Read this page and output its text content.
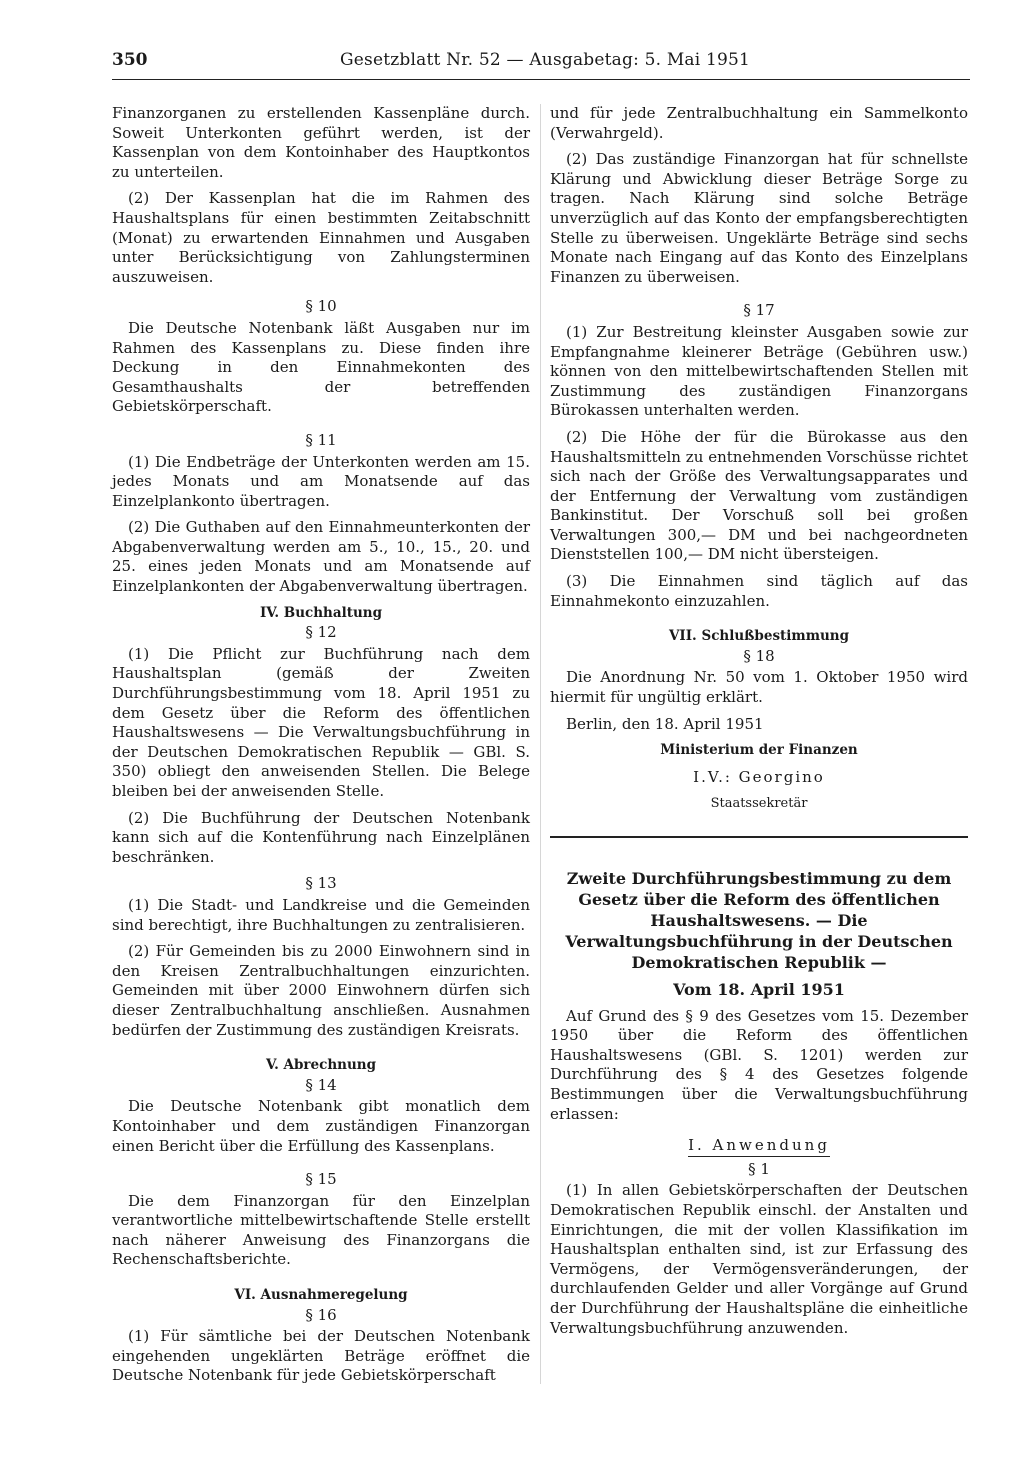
350	Gesetzblatt Nr. 52 — Ausgabetag: 5. Mai 1951

Finanzorganen zu erstellenden Kassenpläne durch. Soweit Unterkonten geführt werden, ist der Kassenplan von dem Kontoinhaber des Hauptkontos zu unterteilen.

(2) Der Kassenplan hat die im Rahmen des Haushaltsplans für einen bestimmten Zeitabschnitt (Monat) zu erwartenden Einnahmen und Ausgaben unter Berücksichtigung von Zahlungsterminen auszuweisen.

§ 10

Die Deutsche Notenbank läßt Ausgaben nur im Rahmen des Kassenplans zu. Diese finden ihre Deckung in den Einnahmekonten des Gesamthaushalts der betreffenden Gebietskörperschaft.

§ 11

(1) Die Endbeträge der Unterkonten werden am 15. jedes Monats und am Monatsende auf das Einzelplankonto übertragen.

(2) Die Guthaben auf den Einnahmeunterkonten der Abgabenverwaltung werden am 5., 10., 15., 20. und 25. eines jeden Monats und am Monatsende auf Einzelplankonten der Abgabenverwaltung übertragen.

IV. Buchhaltung
§ 12

(1) Die Pflicht zur Buchführung nach dem Haushaltsplan (gemäß der Zweiten Durchführungsbestimmung vom 18. April 1951 zu dem Gesetz über die Reform des öffentlichen Haushaltswesens — Die Verwaltungsbuchführung in der Deutschen Demokratischen Republik — GBl. S. 350) obliegt den anweisenden Stellen. Die Belege bleiben bei der anweisenden Stelle.

(2) Die Buchführung der Deutschen Notenbank kann sich auf die Kontenführung nach Einzelplänen beschränken.

§ 13

(1) Die Stadt- und Landkreise und die Gemeinden sind berechtigt, ihre Buchhaltungen zu zentralisieren.

(2) Für Gemeinden bis zu 2000 Einwohnern sind in den Kreisen Zentralbuchhaltungen einzurichten. Gemeinden mit über 2000 Einwohnern dürfen sich dieser Zentralbuchhaltung anschließen. Ausnahmen bedürfen der Zustimmung des zuständigen Kreisrats.

V. Abrechnung
§ 14

Die Deutsche Notenbank gibt monatlich dem Kontoinhaber und dem zuständigen Finanzorgan einen Bericht über die Erfüllung des Kassenplans.

§ 15

Die dem Finanzorgan für den Einzelplan verantwortliche mittelbewirtschaftende Stelle erstellt nach näherer Anweisung des Finanzorgans die Rechenschaftsberichte.

VI. Ausnahmeregelung
§ 16

(1) Für sämtliche bei der Deutschen Notenbank eingehenden ungeklärten Beträge eröffnet die Deutsche Notenbank für jede Gebietskörperschaft

und für jede Zentralbuchhaltung ein Sammelkonto (Verwahrgeld).

(2) Das zuständige Finanzorgan hat für schnellste Klärung und Abwicklung dieser Beträge Sorge zu tragen. Nach Klärung sind solche Beträge unverzüglich auf das Konto der empfangsberechtigten Stelle zu überweisen. Ungeklärte Beträge sind sechs Monate nach Eingang auf das Konto des Einzelplans Finanzen zu überweisen.

§ 17

(1) Zur Bestreitung kleinster Ausgaben sowie zur Empfangnahme kleinerer Beträge (Gebühren usw.) können von den mittelbewirtschaftenden Stellen mit Zustimmung des zuständigen Finanzorgans Bürokassen unterhalten werden.

(2) Die Höhe der für die Bürokasse aus den Haushaltsmitteln zu entnehmenden Vorschüsse richtet sich nach der Größe des Verwaltungsapparates und der Entfernung der Verwaltung vom zuständigen Bankinstitut. Der Vorschuß soll bei großen Verwaltungen 300,— DM und bei nachgeordneten Dienststellen 100,— DM nicht übersteigen.

(3) Die Einnahmen sind täglich auf das Einnahmekonto einzuzahlen.

VII. Schlußbestimmung
§ 18

Die Anordnung Nr. 50 vom 1. Oktober 1950 wird hiermit für ungültig erklärt.

Berlin, den 18. April 1951

Ministerium der Finanzen

I.V.: Georgino

Staatssekretär

Zweite Durchführungsbestimmung zu dem Gesetz über die Reform des öffentlichen Haushaltswesens. — Die Verwaltungsbuchführung in der Deutschen Demokratischen Republik —

Vom 18. April 1951

Auf Grund des § 9 des Gesetzes vom 15. Dezember 1950 über die Reform des öffentlichen Haushaltswesens (GBl. S. 1201) werden zur Durchführung des § 4 des Gesetzes folgende Bestimmungen über die Verwaltungsbuchführung erlassen:

I. Anwendung
§ 1

(1) In allen Gebietskörperschaften der Deutschen Demokratischen Republik einschl. der Anstalten und Einrichtungen, die mit der vollen Klassifikation im Haushaltsplan enthalten sind, ist zur Erfassung des Vermögens, der Vermögensveränderungen, der durchlaufenden Gelder und aller Vorgänge auf Grund der Durchführung der Haushaltspläne die einheitliche Verwaltungsbuchführung anzuwenden.
